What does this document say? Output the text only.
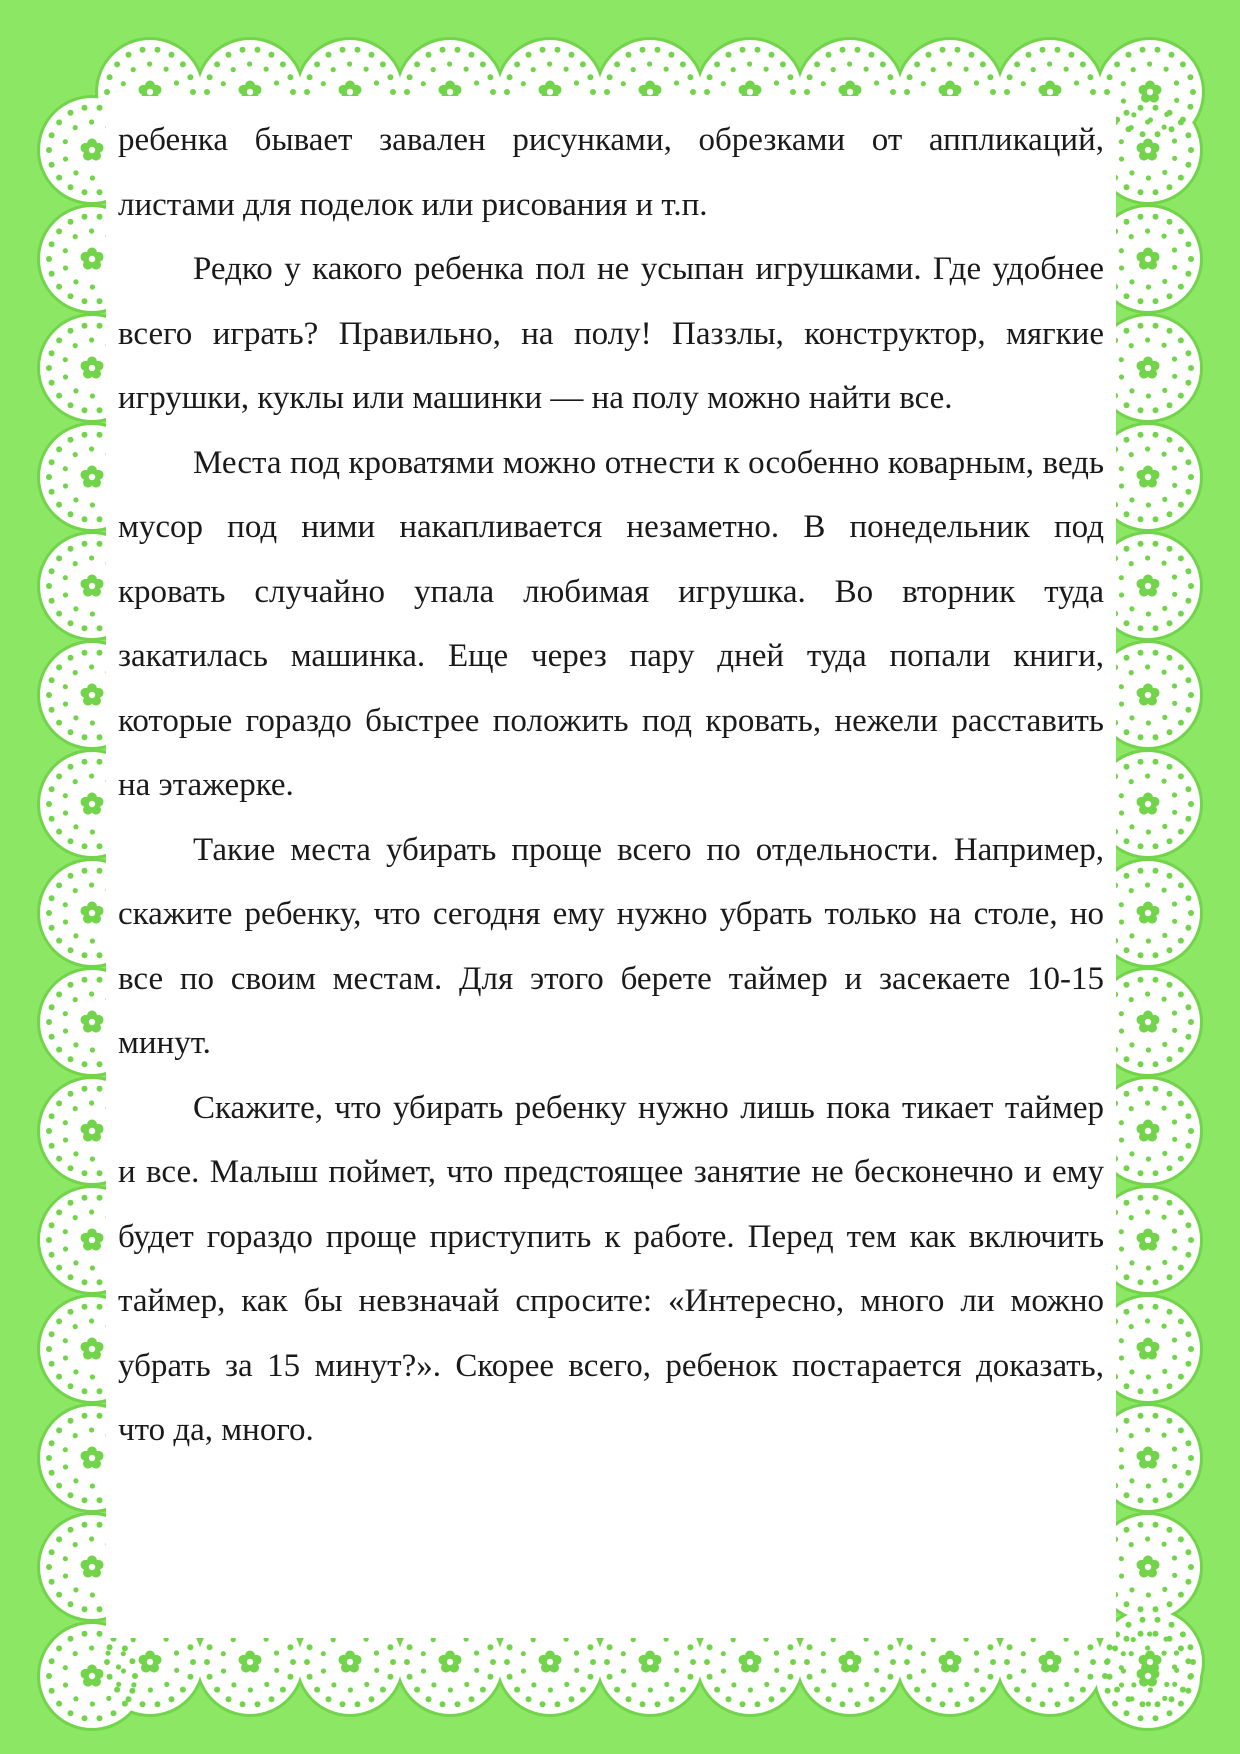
ребенка бывает завален рисунками, обрезками от аппликаций, листами для поделок или рисования и т.п.

Редко у какого ребенка пол не усыпан игрушками. Где удобнее всего играть? Правильно, на полу! Паззлы, конструктор, мягкие игрушки, куклы или машинки — на полу можно найти все.

Места под кроватями можно отнести к особенно коварным, ведь мусор под ними накапливается незаметно. В понедельник под кровать случайно упала любимая игрушка. Во вторник туда закатилась машинка. Еще через пару дней туда попали книги, которые гораздо быстрее положить под кровать, нежели расставить на этажерке.

Такие места убирать проще всего по отдельности. Например, скажите ребенку, что сегодня ему нужно убрать только на столе, но все по своим местам. Для этого берете таймер и засекаете 10-15 минут.

Скажите, что убирать ребенку нужно лишь пока тикает таймер и все. Малыш поймет, что предстоящее занятие не бесконечно и ему будет гораздо проще приступить к работе. Перед тем как включить таймер, как бы невзначай спросите: «Интересно, много ли можно убрать за 15 минут?». Скорее всего, ребенок постарается доказать, что да, много.
